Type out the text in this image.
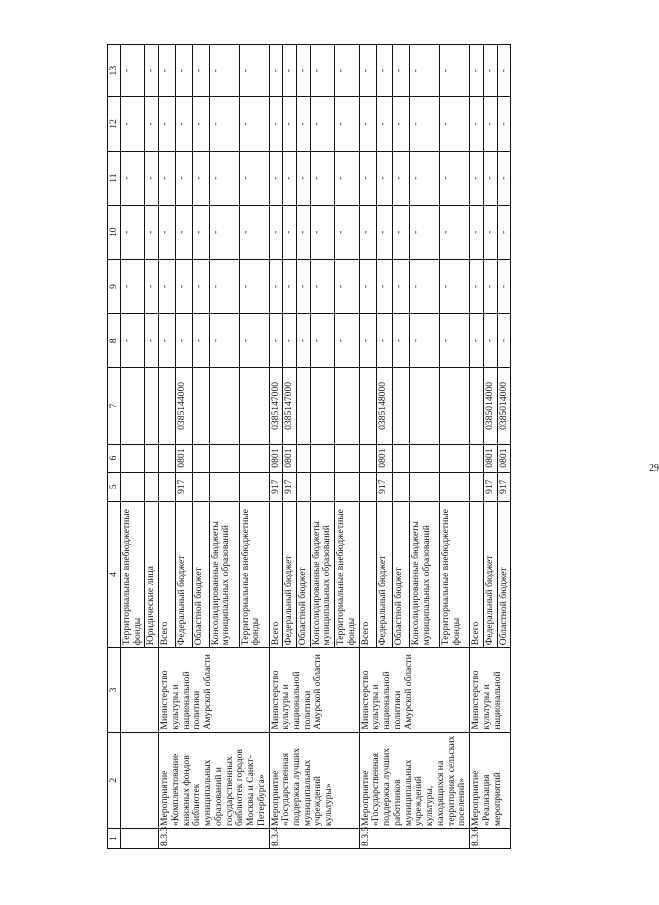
29
1	2	3	4	5	6	7	8	9	10	11	12	13
			Территориальные внебюджетные фонды				-	-	-	-	-	-
			Юридические лица				-	-	-	-	-	-
8.3.3	Мероприятие «Комплектование книжных фондов библиотек муниципальных образований и государственных библиотек городов Москвы и Санкт-Петербурга»	Министерство культуры и национальной политики Амурской области	Всего				-	-	-	-	-	-
			Федеральный бюджет	917	0801	0385144000	-	-	-	-	-	-
			Областной бюджет				-	-	-	-	-	-
			Консолидированные бюджеты муниципальных образований				-	-	-	-	-	-
			Территориальные внебюджетные фонды				-	-	-	-	-	-
8.3.4	Мероприятие «Государственная поддержка лучших муниципальных учреждений культуры»	Министерство культуры и национальной политики Амурской области	Всего	917	0801	0385147000	-	-	-	-	-	-
			Федеральный бюджет	917	0801	0385147000	-	-	-	-	-	-
			Областной бюджет				-	-	-	-	-	-
			Консолидированные бюджеты муниципальных образований				-	-	-	-	-	-
			Территориальные внебюджетные фонды				-	-	-	-	-	-
8.3.5	Мероприятие «Государственная поддержка лучших работников муниципальных учреждений культуры, находящихся на территориях сельских поселений»	Министерство культуры и национальной политики Амурской области	Всего				-	-	-	-	-	-
			Федеральный бюджет	917	0801	0385148000	-	-	-	-	-	-
			Областной бюджет				-	-	-	-	-	-
			Консолидированные бюджеты муниципальных образований				-	-	-	-	-	-
			Территориальные внебюджетные фонды				-	-	-	-	-	-
8.3.6	Мероприятие «Реализация мероприятий	Министерство культуры и национальной	Всего				-	-	-	-	-	-
			Федеральный бюджет	917	0801	0385014000	-	-	-	-	-	-
			Областной бюджет	917	0801	0385014000	-	-	-	-	-	-
